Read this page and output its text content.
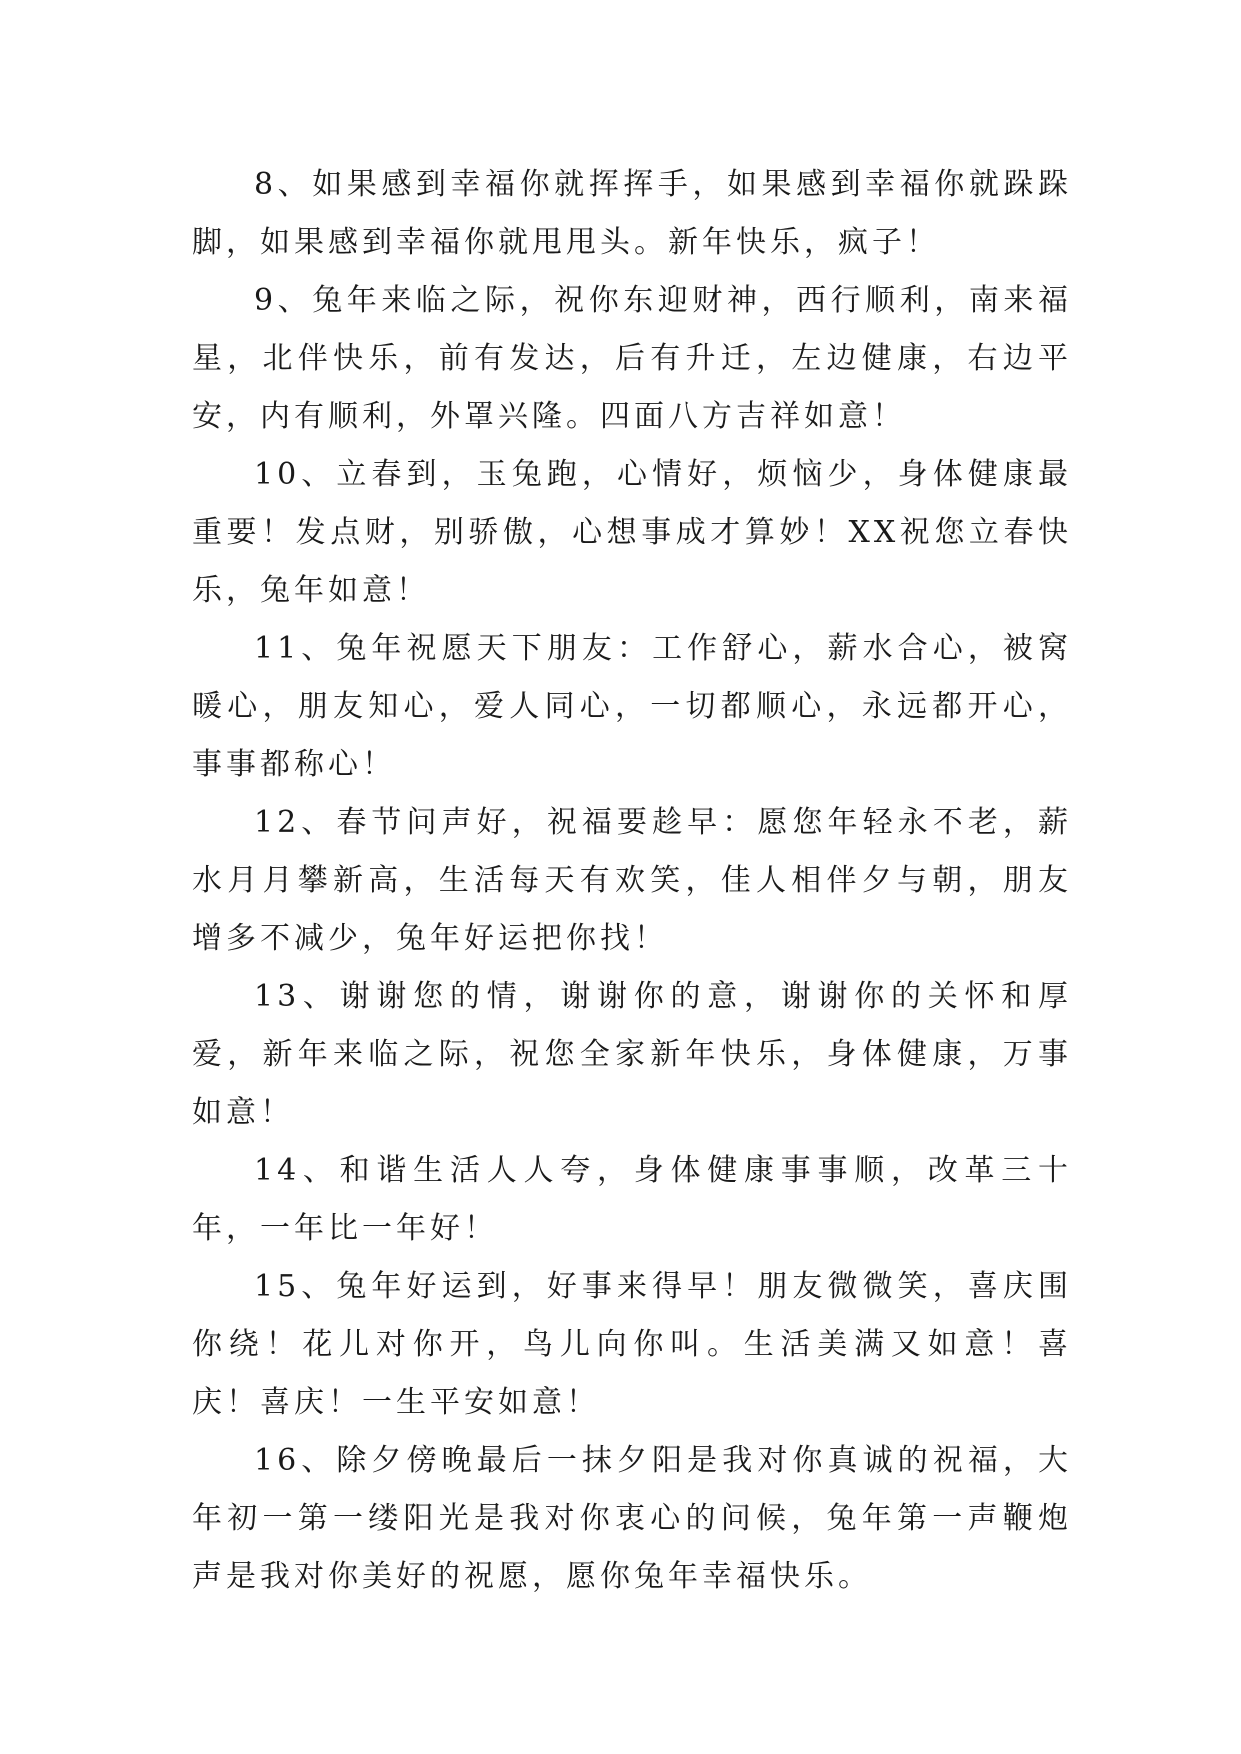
8、如果感到幸福你就挥挥手，如果感到幸福你就跺跺脚，如果感到幸福你就甩甩头。新年快乐，疯子！

9、兔年来临之际，祝你东迎财神，西行顺利，南来福星，北伴快乐，前有发达，后有升迁，左边健康，右边平安，内有顺利，外罩兴隆。四面八方吉祥如意！

10、立春到，玉兔跑，心情好，烦恼少，身体健康最重要！发点财，别骄傲，心想事成才算妙！XX祝您立春快乐，兔年如意！

11、兔年祝愿天下朋友：工作舒心，薪水合心，被窝暖心，朋友知心，爱人同心，一切都顺心，永远都开心，事事都称心！

12、春节问声好，祝福要趁早：愿您年轻永不老，薪水月月攀新高，生活每天有欢笑，佳人相伴夕与朝，朋友增多不减少，兔年好运把你找！

13、谢谢您的情，谢谢你的意，谢谢你的关怀和厚爱，新年来临之际，祝您全家新年快乐，身体健康，万事如意！

14、和谐生活人人夸，身体健康事事顺，改革三十年，一年比一年好！

15、兔年好运到，好事来得早！朋友微微笑，喜庆围你绕！花儿对你开，鸟儿向你叫。生活美满又如意！喜庆！喜庆！一生平安如意！

16、除夕傍晚最后一抹夕阳是我对你真诚的祝福，大年初一第一缕阳光是我对你衷心的问候，兔年第一声鞭炮声是我对你美好的祝愿，愿你兔年幸福快乐。
